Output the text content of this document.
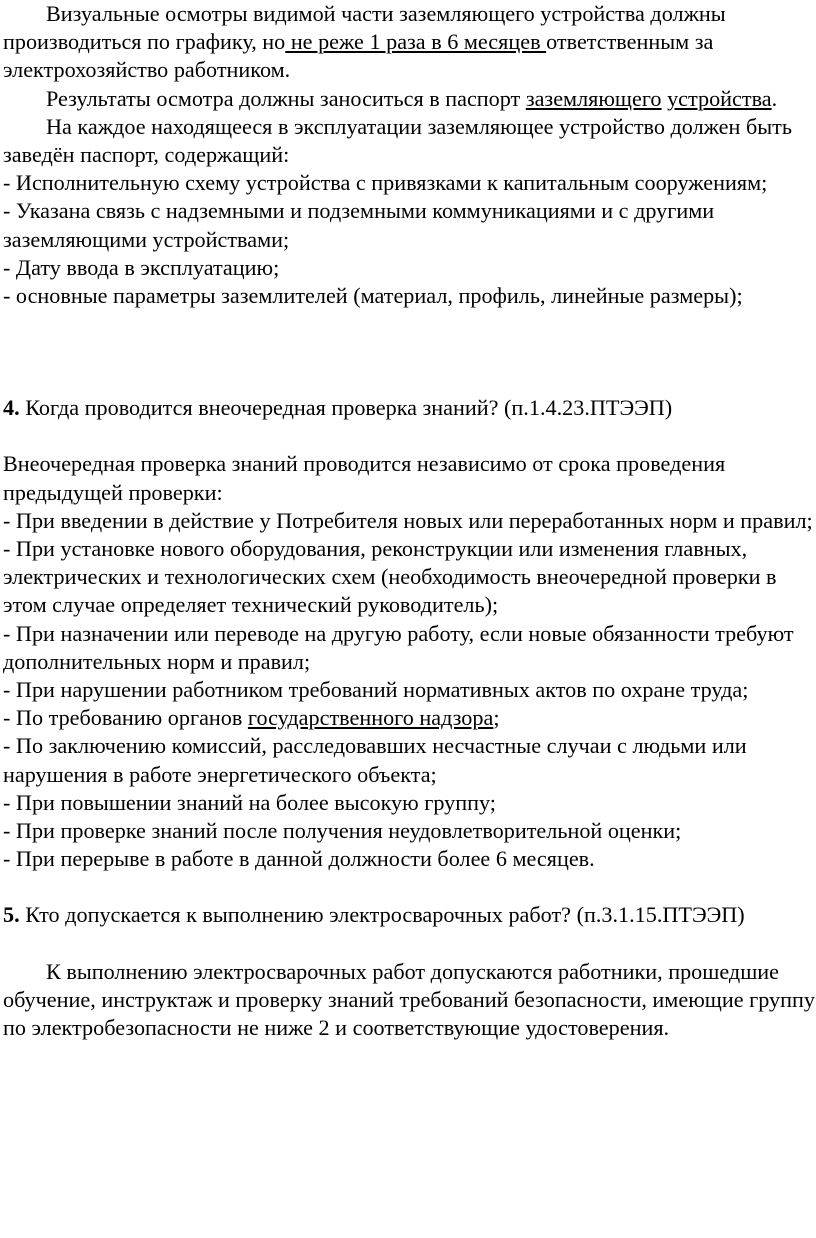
Визуальные осмотры видимой части заземляющего устройства должны производиться по графику, но не реже 1 раза в 6 месяцев ответственным за электрохозяйство работником.

Результаты осмотра должны заноситься в паспорт заземляющего устройства.

На каждое находящееся в эксплуатации заземляющее устройство должен быть заведён паспорт, содержащий:

- Исполнительную схему устройства с привязками к капитальным сооружениям;

- Указана связь с надземными и подземными коммуникациями и с другими заземляющими устройствами;

- Дату ввода в эксплуатацию;

- основные параметры заземлителей (материал, профиль, линейные размеры);

4. Когда проводится внеочередная проверка знаний? (п.1.4.23.ПТЭЭП)

Внеочередная проверка знаний проводится независимо от срока проведения предыдущей проверки:

- При введении в действие у Потребителя новых или переработанных норм и правил;

- При установке нового оборудования, реконструкции или изменения главных,  электрических и технологических схем (необходимость внеочередной проверки в этом случае определяет технический руководитель);

- При назначении или переводе на другую работу, если новые обязанности требуют дополнительных норм и правил;

- При нарушении работником требований нормативных актов по охране труда;

- По требованию органов государственного надзора;

- По заключению комиссий, расследовавших несчастные случаи с людьми или нарушения в работе энергетического объекта;

- При повышении знаний на более высокую группу;

- При проверке знаний после получения неудовлетворительной оценки;

- При перерыве в работе в данной должности более 6 месяцев.

5. Кто допускается к выполнению электросварочных работ? (п.3.1.15.ПТЭЭП)

К выполнению электросварочных работ допускаются работники, прошедшие обучение, инструктаж и проверку знаний требований безопасности, имеющие группу по электробезопасности не ниже 2 и соответствующие удостоверения.
